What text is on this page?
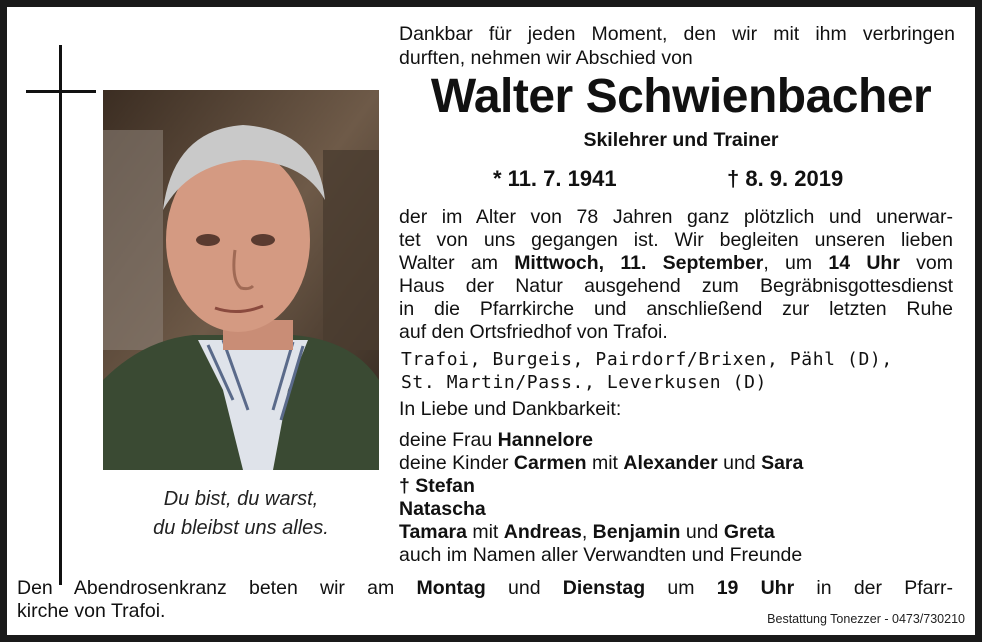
Du bist, du warst,
du bleibst uns alles.
Dankbar für jeden Moment, den wir mit ihm verbringen
durften, nehmen wir Abschied von
Walter Schwienbacher
Skilehrer und Trainer
* 11. 7. 1941	† 8. 9. 2019
der im Alter von 78 Jahren ganz plötzlich und unerwar-
tet von uns gegangen ist. Wir begleiten unseren lieben
Walter am Mittwoch, 11. September, um 14 Uhr vom
Haus der Natur ausgehend zum Begräbnisgottesdienst
in die Pfarrkirche und anschließend zur letzten Ruhe
auf den Ortsfriedhof von Trafoi.
Trafoi, Burgeis, Pairdorf/Brixen, Pähl (D),
St. Martin/Pass., Leverkusen (D)
In Liebe und Dankbarkeit:
deine Frau Hannelore
deine Kinder Carmen mit Alexander und Sara
† Stefan
Natascha
Tamara mit Andreas, Benjamin und Greta
auch im Namen aller Verwandten und Freunde
Den Abendrosenkranz beten wir am Montag und Dienstag um 19 Uhr in der Pfarr-
kirche von Trafoi.	Bestattung Tonezzer - 0473/730210
